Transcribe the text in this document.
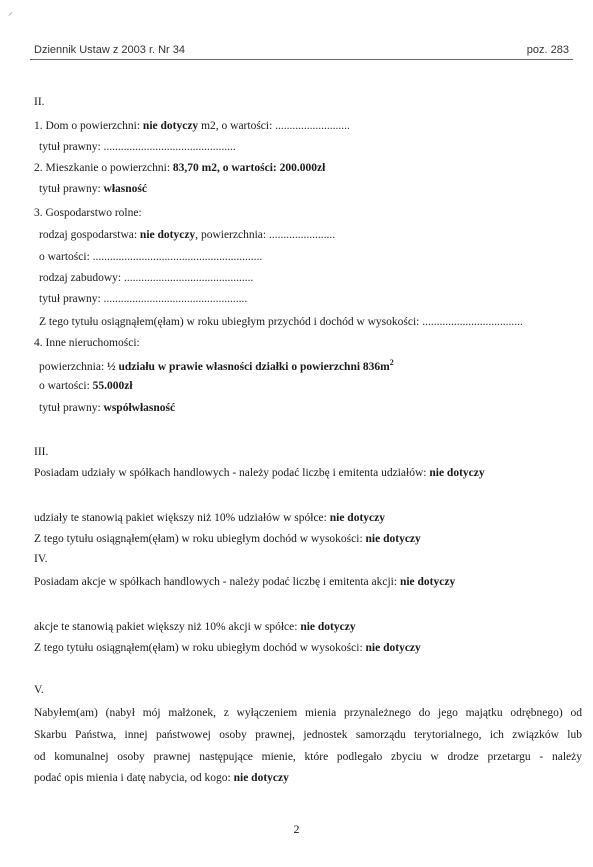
⸝
Dziennik Ustaw z 2003 r. Nr 34	poz. 283
II.
1. Dom o powierzchni: nie dotyczy m2, o wartości: ..........................
tytuł prawny: ..............................................
2. Mieszkanie o powierzchni: 83,70 m2, o wartości: 200.000zł
tytuł prawny: własność
3. Gospodarstwo rolne:
rodzaj gospodarstwa: nie dotyczy, powierzchnia: .......................
o wartości: ...........................................................
rodzaj zabudowy: .............................................
tytuł prawny: ..................................................
Z tego tytułu osiągnąłem(ęłam) w roku ubiegłym przychód i dochód w wysokości: ...................................
4. Inne nieruchomości:
powierzchnia: ½ udziału w prawie własności działki o powierzchni $836m^2$
o wartości: 55.000zł
tytuł prawny: współwłasność
III.
Posiadam udziały w spółkach handlowych - należy podać liczbę i emitenta udziałów: nie dotyczy
udziały te stanowią pakiet większy niż 10% udziałów w spółce: nie dotyczy
Z tego tytułu osiągnąłem(ęłam) w roku ubiegłym dochód w wysokości: nie dotyczy
IV.
Posiadam akcje w spółkach handlowych - należy podać liczbę i emitenta akcji: nie dotyczy
akcje te stanowią pakiet większy niż 10% akcji w spółce: nie dotyczy
Z tego tytułu osiągnąłem(ęłam) w roku ubiegłym dochód w wysokości: nie dotyczy
V.
Nabyłem(am) (nabył mój małżonek, z wyłączeniem mienia przynależnego do jego majątku odrębnego) od
Skarbu Państwa, innej państwowej osoby prawnej, jednostek samorządu terytorialnego, ich związków lub
od komunalnej osoby prawnej następujące mienie, które podlegało zbyciu w drodze przetargu - należy
podać opis mienia i datę nabycia, od kogo: nie dotyczy
2
